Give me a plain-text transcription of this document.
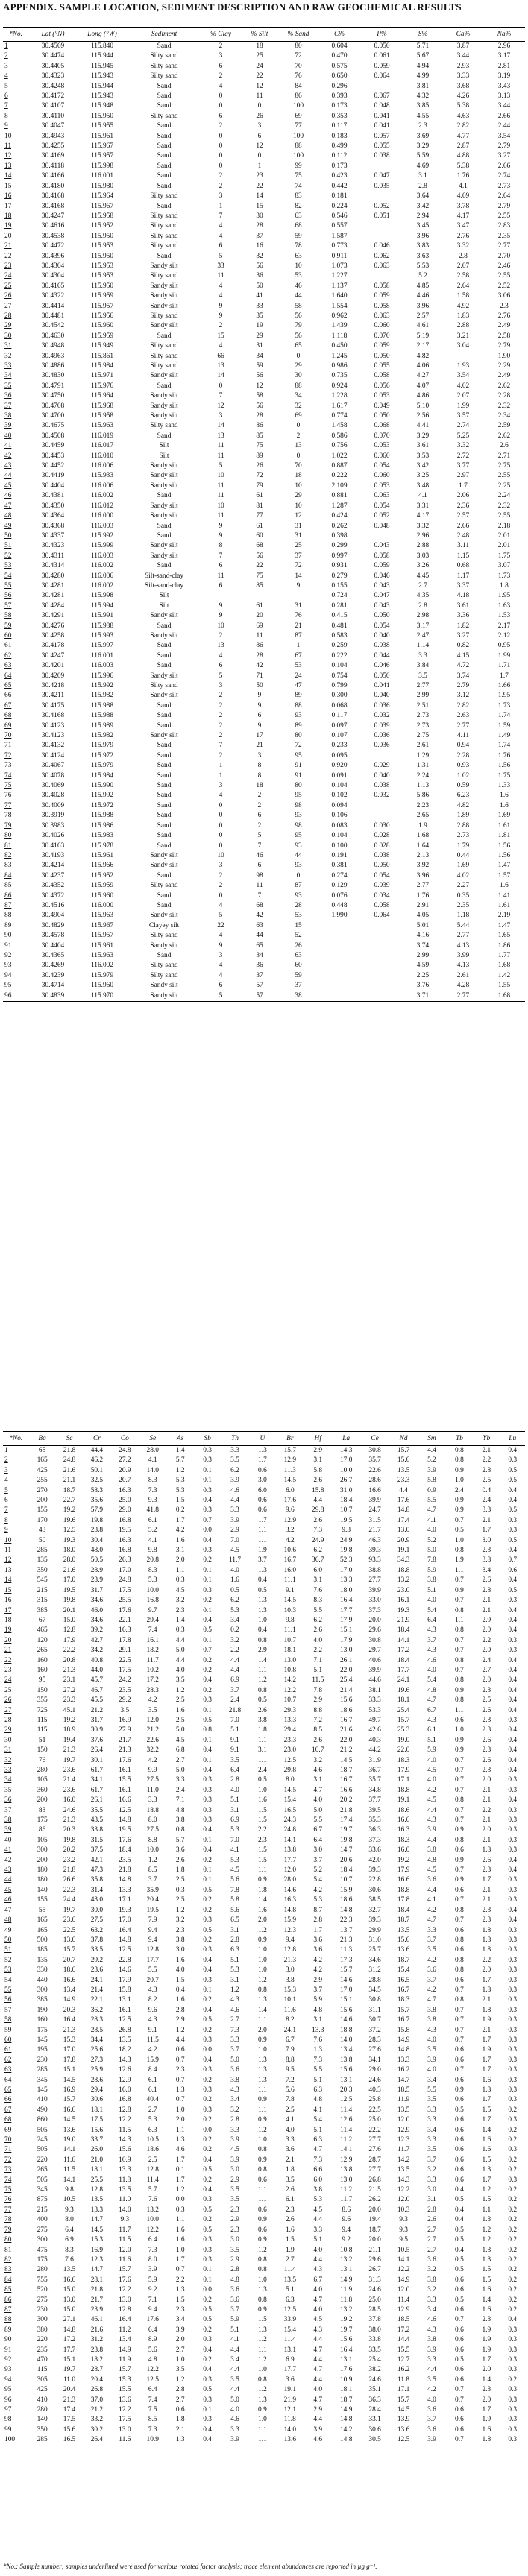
APPENDIX. SAMPLE LOCATION, SEDIMENT DESCRIPTION AND RAW GEOCHEMICAL RESULTS
*No.	Lat (°N)	Long (°W)	Sediment	% Clay	% Silt	% Sand	C%	P%	S%	Ca%	Na%
1	30.4569	115.840	Sand	2	18	80	0.604	0.050	5.71	3.87	2.96
2	30.4474	115.944	Silty sand	3	25	72	0.470	0.061	5.67	3.44	3.17
3	30.4405	115.945	Silty sand	6	24	70	0.575	0.059	4.94	2.93	2.81
4	30.4323	115.943	Silty sand	2	22	76	0.650	0.064	4.99	3.33	3.19
5	30.4248	115.944	Sand	4	12	84	0.296		3.81	3.68	3.43
6	30.4172	115.943	Sand	0	11	86	0.393	0.067	4.32	4.26	3.13
7	30.4107	115.948	Sand	0	0	100	0.173	0.048	3.85	5.38	3.44
8	30.4110	115.950	Silty sand	6	26	69	0.353	0.041	4.55	4.63	2.66
9	30.4047	115.955	Sand	2	3	77	0.117	0.041	2.3	2.82	2.44
10	30.4943	115.961	Sand	0	6	100	0.183	0.057	3.69	4.77	3.54
11	30.4255	115.967	Sand	0	12	88	0.499	0.055	3.29	2.87	2.79
12	30.4169	115.957	Sand	0	0	100	0.112	0.038	5.59	4.88	3.27
13	30.4118	115.998	Sand	0	1	99	0.173		4.69	5.38	2.66
14	30.4166	116.001	Sand	2	23	75	0.423	0.047	3.1	1.76	2.74
15	30.4180	115.980	Sand	2	22	74	0.442	0.035	2.8	4.1	2.73
16	30.4168	115.964	Silty sand	3	14	83	0.181		3.64	4.69	2.64
17	30.4168	115.967	Sand	1	15	82	0.224	0.052	3.42	3.78	2.79
18	30.4247	115.958	Silty sand	7	30	63	0.546	0.051	2.94	4.17	2.55
19	30.4616	115.952	Silty sand	4	28	68	0.557		3.45	3.47	2.83
20	30.4538	115.950	Silty sand	4	37	59	1.587		3.96	2.76	2.35
21	30.4472	115.953	Silty sand	6	16	78	0.773	0.046	3.83	3.32	2.77
22	30.4396	115.950	Sand	5	32	63	0.911	0.062	3.63	2.8	2.70
23	30.4304	115.953	Sandy silt	33	56	10	1.073	0.063	5.53	2.07	2.46
24	30.4304	115.953	Silty sand	11	36	53	1.227		5.2	2.58	2.55
25	30.4165	115.950	Sandy silt	4	50	46	1.137	0.058	4.85	2.64	2.52
26	30.4322	115.959	Sandy silt	4	41	44	1.640	0.059	4.46	1.58	3.06
27	30.4414	115.957	Sandy silt	9	33	58	1.554	0.058	3.96	4.92	2.3
28	30.4481	115.956	Silty sand	9	35	56	0.962	0.063	2.57	1.83	2.76
29	30.4542	115.960	Sandy silt	2	19	79	1.439	0.060	4.61	2.88	2.49
30	30.4630	115.959	Sand	15	29	56	1.118	0.070	5.19	3.21	2.58
31	30.4948	115.949	Silty sand	4	31	65	0.450	0.059	2.17	3.04	2.79
32	30.4963	115.861	Silty sand	66	34	0	1.245	0.050	4.82		1.90
33	30.4886	115.984	Silty sand	13	59	29	0.986	0.055	4.06	1.93	2.29
34	30.4830	115.971	Sandy silt	14	56	30	0.735	0.058	4.27	3.54	2.49
35	30.4791	115.976	Sand	0	12	88	0.924	0.056	4.07	4.02	2.62
36	30.4750	115.964	Sandy silt	7	58	34	1.228	0.053	4.86	2.07	2.28
37	30.4708	115.968	Sandy silt	12	56	32	1.617	0.049	5.10	1.99	2.32
38	30.4700	115.958	Sandy silt	3	28	69	0.774	0.050	2.56	3.57	2.34
39	30.4675	115.963	Silty sand	14	86	0	1.458	0.068	4.41	2.74	2.59
40	30.4508	116.019	Sand	13	85	2	0.586	0.070	3.29	5.25	2.62
41	30.4459	116.017	Silt	11	75	13	0.756	0.053	3.61	3.32	2.6
42	30.4453	116.010	Silt	11	89	0	1.022	0.060	3.53	2.72	2.71
43	30.4452	116.006	Sandy silt	5	26	70	0.887	0.054	3.42	3.77	2.75
44	30.4419	115.933	Sandy silt	10	72	18	0.222	0.060	3.25	2.97	2.55
45	30.4404	116.006	Sandy silt	11	79	10	2.109	0.053	3.48	1.7	2.25
46	30.4381	116.002	Sand	11	61	29	0.881	0.063	4.1	2.06	2.24
47	30.4350	116.012	Sandy silt	10	81	10	1.287	0.054	3.31	2.36	2.32
48	30.4364	116.000	Sandy silt	11	77	12	0.424	0.052	4.17	2.57	2.55
49	30.4368	116.003	Sand	9	61	31	0.262	0.048	3.32	2.66	2.18
50	30.4337	115.992	Sand	9	60	31	0.398		2.96	2.48	2.01
51	30.4323	115.999	Sandy silt	8	68	25	0.299	0.043	2.88	3.11	2.01
52	30.4311	116.003	Sandy silt	7	56	37	0.997	0.058	3.03	1.15	1.75
53	30.4314	116.002	Sand	6	22	72	0.931	0.059	3.26	0.68	3.07
54	30.4280	116.006	Silt-sand-clay	11	75	14	0.279	0.046	4.45	1.17	1.73
55	30.4281	116.002	Silt-sand-clay	6	85	9	0.155	0.043	2.7	3.37	1.8
56	30.4281	115.998	Silt				0.724	0.047	4.35	4.18	1.95
57	30.4284	115.994	Silt	9	61	31	0.281	0.043	2.8	3.61	1.63
58	30.4291	115.991	Sandy silt	9	20	76	0.415	0.050	2.98	3.36	1.53
59	30.4276	115.988	Sand	10	69	21	0.481	0.054	3.17	1.82	2.17
60	30.4258	115.993	Sandy silt	2	11	87	0.583	0.040	2.47	3.27	2.12
61	30.4178	115.997	Sand	13	86	1	0.259	0.038	1.14	0.82	0.95
62	30.4247	116.001	Sand	4	28	67	0.222	0.044	3.3	4.15	1.99
63	30.4201	116.003	Sand	6	42	53	0.104	0.046	3.84	4.72	1.71
64	30.4209	115.996	Sandy silt	5	71	24	0.754	0.050	3.5	3.74	1.7
65	30.4218	115.992	Silty sand	3	50	47	0.799	0.041	2.77	2.79	1.66
66	30.4211	115.982	Sandy silt	2	9	89	0.300	0.040	2.99	3.12	1.95
67	30.4175	115.988	Sand	2	9	88	0.068	0.036	2.51	2.82	1.73
68	30.4168	115.988	Sand	2	6	93	0.117	0.032	2.73	2.63	1.74
69	30.4123	115.989	Sand	2	9	89	0.097	0.039	2.73	2.77	1.59
70	30.4123	115.982	Sandy silt	2	17	80	0.107	0.036	2.75	4.11	1.49
71	30.4132	115.979	Sand	7	21	72	0.233	0.036	2.61	0.94	1.74
72	30.4124	115.972	Sand	2	3	95	0.095		1.29	2.28	1.76
73	30.4067	115.979	Sand	1	8	91	0.920	0.029	1.31	0.93	1.56
74	30.4078	115.984	Sand	1	8	91	0.091	0.040	2.24	1.02	1.75
75	30.4069	115.990	Sand	3	18	80	0.104	0.038	1.13	0.59	1.33
76	30.4028	115.992	Sand	4	2	95	0.102	0.032	5.86	6.23	1.6
77	30.4009	115.972	Sand	0	2	98	0.094		2.23	4.82	1.6
78	30.3919	115.988	Sand	0	6	93	0.106		2.65	1.89	1.69
79	30.3983	115.986	Sand	0	2	98	0.083	0.030	1.9	2.88	1.61
80	30.4026	115.983	Sand	0	5	95	0.104	0.028	1.68	2.73	1.81
81	30.4163	115.978	Sand	0	7	93	0.100	0.028	1.64	1.79	1.56
82	30.4193	115.961	Sandy silt	10	46	44	0.191	0.038	2.13	0.44	1.56
83	30.4214	115.966	Sandy silt	3	6	93	0.381	0.050	3.92	1.69	1.47
84	30.4237	115.952	Sand	2	98	0	0.274	0.054	3.96	4.02	1.57
85	30.4352	115.959	Silty sand	2	11	87	0.129	0.039	2.77	2.27	1.6
86	30.4372	115.960	Sand	0	7	93	0.076	0.034	1.76	0.35	1.41
87	30.4516	116.000	Sand	4	68	28	0.448	0.058	2.91	2.35	1.61
88	30.4904	115.963	Sandy silt	5	42	53	1.990	0.064	4.05	1.18	2.19
89	30.4829	115.967	Clayey silt	22	63	15			5.01	5.44	1.47
90	30.4578	115.957	Silty sand	4	44	52			4.16	2.77	1.65
91	30.4404	115.961	Sandy silt	9	65	26			3.74	4.13	1.86
92	30.4365	115.963	Sand	3	34	63			2.99	3.99	1.77
93	30.4269	116.002	Silty sand	4	36	60			4.59	4.13	1.68
94	30.4239	115.979	Silty sand	4	37	59			2.25	2.61	1.42
95	30.4714	115.960	Sandy silt	6	57	37			3.76	4.28	1.55
96	30.4839	115.970	Sandy silt	5	57	38			3.71	2.77	1.68
*No.	Ba	Sc	Cr	Co	Se	As	Sb	Th	U	Br	Hf	La	Ce	Nd	Sm	Tb	Yb	Lu
1	65	21.8	44.4	24.8	28.0	1.4	0.3	3.3	1.3	15.7	2.9	14.3	30.8	15.7	4.4	0.8	2.1	0.4
2	165	24.8	46.2	27.2	4.1	5.7	0.3	3.5	1.7	12.9	3.1	17.0	35.7	15.6	5.2	0.8	2.2	0.3
3	425	21.6	50.1	20.9	14.0	1.2	0.1	6.2	0.6	11.3	5.8	10.0	22.6	13.5	3.9	0.9	2.8	0.5
4	255	21.1	32.5	20.7	8.3	5.3	0.1	3.9	3.0	14.5	2.6	26.7	28.6	23.3	5.8	1.0	2.5	0.5
5	270	18.7	58.3	16.3	7.3	5.3	0.3	4.6	6.0	6.0	15.8	31.0	16.6	4.4	0.9	2.4	0.4	0.4
6	200	22.7	35.6	25.0	9.3	1.5	0.4	4.4	0.6	17.6	4.4	18.4	39.9	17.6	5.5	0.9	2.4	0.4
7	155	19.2	57.9	29.0	41.8	0.2	0.3	3.3	0.6	9.6	29.8	10.7	24.7	14.8	4.7	0.9	3.3	0.5
8	170	19.6	19.8	16.8	6.1	1.7	0.7	3.9	1.7	12.9	2.6	19.5	31.5	17.4	4.1	0.7	2.1	0.3
9	43	12.5	23.8	19.5	5.2	4.2	0.0	2.9	1.1	3.2	7.3	9.3	21.7	13.0	4.0	0.5	1.7	0.3
10	50	19.3	30.4	16.3	4.1	1.6	0.4	7.0	1.1	4.2	24.9	24.9	46.3	20.9	5.2	1.0	3.0	0.5
11	285	18.0	48.0	16.8	9.8	3.1	0.3	4.5	1.9	10.6	6.2	19.8	39.3	19.1	5.0	0.8	2.3	0.4
12	135	28.0	50.5	26.3	20.8	2.0	0.2	11.7	3.7	16.7	36.7	52.3	93.3	34.3	7.8	1.9	3.8	0.7
13	350	21.6	28.9	17.0	8.3	1.1	0.1	4.0	1.3	16.0	6.0	17.0	38.8	18.8	5.9	1.1	3.4	0.6
14	545	17.0	23.9	24.8	5.3	0.3	0.1	1.6	0.4	11.1	3.1	13.3	27.7	13.2	3.8	0.7	2.6	0.4
15	215	19.5	31.7	17.5	10.0	4.5	0.3	0.5	0.5	9.1	7.6	18.0	39.9	23.0	5.1	0.9	2.8	0.5
16	315	19.8	34.6	25.5	16.8	3.2	0.2	6.2	1.3	14.5	8.3	16.4	33.0	16.1	4.0	0.7	2.1	0.3
17	385	20.1	46.0	17.6	9.7	2.3	0.1	5.3	1.3	10.3	5.5	17.7	37.3	19.3	5.4	0.8	2.1	0.4
18	67	15.0	34.6	22.1	29.4	1.4	0.4	3.4	1.0	9.8	6.2	17.9	20.0	21.9	6.4	1.1	2.9	0.4
19	465	12.8	39.2	16.3	7.4	0.3	0.5	0.2	0.4	11.1	2.6	15.1	29.6	18.4	4.3	0.8	2.0	0.4
20	120	17.9	42.7	17.8	16.1	4.4	0.1	3.2	0.8	10.7	4.0	17.9	30.8	14.1	3.7	0.7	2.2	0.3
21	265	22.2	34.2	29.1	18.2	5.0	0.7	2.2	2.9	18.1	2.2	13.0	29.7	17.2	4.3	0.7	2.0	0.3
22	160	20.8	40.8	22.5	11.7	4.4	0.2	4.4	1.4	13.0	7.1	26.1	40.6	18.4	4.6	0.8	2.4	0.4
23	160	21.3	44.0	17.5	10.2	4.0	0.2	4.4	1.1	10.8	5.1	22.0	39.9	17.7	4.0	0.7	2.7	0.4
24	95	23.1	45.7	24.2	17.2	3.5	0.4	6.9	1.2	14.2	11.5	25.4	44.6	24.1	5.4	0.8	2.0	0.4
25	150	27.2	46.7	23.5	28.3	1.2	0.2	3.7	0.8	12.2	7.8	21.4	38.1	19.6	4.8	0.9	2.3	0.4
26	355	23.3	45.5	29.2	4.2	2.5	0.3	2.4	0.5	10.7	2.9	15.6	33.3	18.1	4.7	0.8	2.5	0.4
27	725	45.1	21.2	3.5	3.5	1.6	0.1	21.8	2.6	29.3	8.8	18.6	53.3	25.4	6.7	1.1	2.6	0.4
28	115	19.2	31.7	16.9	12.0	2.5	0.5	7.0	3.8	13.3	7.2	16.7	49.7	15.7	4.3	0.6	2.3	0.3
29	115	18.9	30.9	27.9	21.2	5.0	0.8	5.1	1.8	29.4	8.5	21.6	42.6	25.3	6.1	1.0	2.3	0.4
30	51	19.4	37.6	21.7	22.6	4.5	0.1	9.1	1.1	23.3	2.6	22.0	40.3	19.0	5.1	0.9	2.6	0.4
31	150	21.3	26.4	21.3	32.2	6.8	0.4	9.1	3.1	23.0	10.7	21.2	44.2	22.0	5.9	0.9	2.3	0.4
32	76	19.7	30.1	17.6	4.2	2.7	0.1	3.5	1.1	12.5	3.2	14.5	31.9	18.3	4.0	0.7	2.6	0.4
33	280	23.6	61.7	16.1	9.9	5.0	0.4	6.4	2.4	29.8	4.6	18.7	36.7	17.9	4.5	0.7	2.3	0.4
34	105	21.4	34.1	15.5	27.5	3.3	0.3	2.8	0.5	8.0	3.1	16.7	35.7	17.1	4.0	0.7	2.0	0.3
35	360	23.6	61.7	16.1	11.0	2.4	0.3	4.0	1.0	14.5	4.7	16.6	34.8	18.8	4.2	0.7	2.1	0.3
36	200	16.0	26.1	16.6	3.3	7.1	0.3	5.1	1.6	15.4	4.0	20.2	37.7	19.1	4.5	0.8	2.1	0.4
37	83	24.6	35.5	12.5	18.8	4.8	0.3	3.1	1.5	16.5	5.0	21.8	39.5	18.6	4.4	0.7	2.2	0.3
38	175	21.3	43.5	14.8	8.0	3.8	0.3	6.9	1.5	24.3	5.5	17.4	35.3	16.6	4.3	0.7	2.1	0.3
39	86	20.3	33.8	19.5	27.5	0.8	0.4	5.3	2.2	24.8	6.7	19.7	36.3	16.3	3.9	0.9	2.0	0.3
40	105	19.8	31.5	17.6	8.8	5.7	0.1	7.0	2.3	14.1	6.4	19.8	37.3	18.3	4.4	0.8	2.1	0.3
41	300	20.2	37.5	18.4	10.0	3.6	0.4	4.1	1.5	13.8	3.0	14.7	33.6	16.0	3.8	0.6	1.8	0.3
42	200	23.2	42.1	23.5	1.2	2.6	0.2	5.3	1.5	17.7	3.7	20.6	42.0	19.2	4.8	0.9	2.6	0.4
43	180	21.8	47.3	21.8	8.5	1.8	0.1	4.5	1.1	12.0	5.2	18.4	39.3	17.9	4.5	0.7	2.3	0.4
44	180	26.6	35.8	14.8	3.7	2.5	0.1	5.6	0.9	28.0	5.4	10.7	22.8	16.6	3.6	0.9	1.7	0.3
45	140	22.3	31.4	13.3	35.9	0.3	0.5	7.8	1.8	14.6	4.2	15.9	30.6	18.8	4.4	0.6	2.1	0.3
46	155	24.4	43.0	17.1	20.4	2.5	0.2	5.8	1.4	16.3	5.3	18.6	38.5	17.8	4.1	0.7	2.1	0.3
47	55	19.7	30.0	19.3	19.5	1.2	0.2	5.6	1.6	14.8	8.7	14.8	32.7	18.4	4.2	0.8	2.3	0.4
48	165	23.6	27.5	17.0	7.9	3.2	0.3	6.5	2.0	15.9	2.8	22.3	39.3	18.7	4.7	0.7	2.3	0.4
49	165	22.5	63.2	16.4	9.4	2.3	0.5	3.1	1.2	12.3	1.7	13.7	29.9	13.5	3.3	0.6	1.8	0.3
50	500	13.6	37.8	14.8	9.4	3.8	0.2	2.8	0.9	9.4	3.6	21.3	31.0	15.6	3.7	0.8	1.8	0.3
51	185	15.7	33.5	12.5	12.8	3.0	0.3	6.3	1.0	12.8	3.6	11.3	25.7	13.6	3.5	0.6	1.8	0.3
52	135	20.7	29.2	22.8	17.7	1.6	0.4	5.1	1.0	21.3	4.2	17.3	34.6	18.7	4.2	0.8	2.2	0.3
53	330	18.6	23.6	14.6	5.5	4.0	0.4	5.3	1.0	3.0	4.2	15.7	31.2	15.4	3.6	0.8	2.0	0.3
54	440	16.6	24.1	17.9	20.7	1.5	0.3	3.1	1.2	3.8	2.9	14.6	28.8	16.5	3.7	0.6	1.7	0.3
55	300	13.4	21.4	15.8	4.3	0.4	0.1	1.2	0.8	15.3	3.7	17.0	34.5	16.7	4.2	0.7	1.8	0.3
56	385	14.9	22.1	13.1	8.2	1.6	0.2	4.3	1.3	10.1	5.9	15.1	30.8	18.3	4.7	0.8	2.1	0.3
57	190	20.3	36.2	16.1	9.6	2.8	0.4	4.6	1.4	11.6	4.8	15.6	31.1	15.7	3.8	0.7	1.8	0.3
58	160	16.4	28.3	12.5	4.3	2.9	0.5	2.7	1.1	8.2	3.1	14.6	30.7	16.7	3.8	0.7	1.9	0.3
59	175	21.3	28.5	26.8	9.1	1.2	0.2	7.3	2.0	24.1	13.3	18.8	37.2	15.8	4.3	0.7	2.1	0.3
60	145	15.3	34.4	13.5	11.5	4.4	0.3	3.3	0.9	6.7	7.6	14.0	28.3	14.9	4.0	0.7	1.7	0.3
61	195	17.0	25.6	18.2	4.2	0.6	0.0	3.7	1.0	7.9	1.3	13.4	27.6	14.8	3.5	0.6	1.9	0.3
62	230	17.8	27.3	14.3	15.9	0.7	0.4	5.0	1.3	8.8	7.3	13.8	34.1	13.3	3.9	0.6	1.7	0.3
63	285	15.1	25.9	12.6	8.4	2.3	0.3	3.6	1.3	9.5	5.5	15.6	29.0	16.2	4.0	0.7	1.7	0.3
64	345	14.5	28.6	12.9	6.1	0.7	0.2	3.8	1.3	7.2	5.1	13.1	24.6	14.7	3.4	0.6	1.6	0.3
65	145	16.9	29.4	16.0	6.1	1.3	0.3	4.3	1.1	5.6	6.3	20.3	40.3	18.5	5.5	0.9	1.8	0.3
66	410	15.7	30.6	16.8	40.4	0.7	0.2	3.4	0.9	7.8	4.8	12.5	25.8	11.9	3.5	0.6	1.7	0.3
67	490	16.6	18.1	12.8	2.7	1.0	0.3	3.2	1.1	2.5	4.1	11.4	22.5	13.5	3.3	0.5	1.5	0.2
68	860	14.5	17.5	12.2	5.3	2.0	0.2	2.8	0.9	4.1	5.4	12.6	25.0	12.0	3.3	0.6	1.7	0.3
69	505	13.6	15.6	11.5	6.3	1.1	0.0	3.3	1.2	4.0	5.1	11.4	22.2	12.9	3.4	0.6	1.4	0.2
70	245	19.0	33.7	14.3	10.5	1.3	0.2	3.9	1.0	3.3	6.3	11.2	27.7	12.3	3.3	0.6	1.6	0.2
71	505	14.1	26.0	15.6	18.6	4.6	0.2	4.5	0.8	3.6	4.7	14.1	27.6	11.7	3.5	0.6	1.6	0.3
72	220	11.6	21.0	10.9	2.5	1.7	0.4	3.9	0.9	2.1	7.3	12.9	28.7	14.2	3.7	0.6	1.5	0.2
73	265	11.5	18.1	13.3	12.8	0.1	0.5	3.0	0.8	1.8	6.6	13.8	27.7	13.5	3.2	0.6	1.3	0.2
74	505	14.1	25.5	11.8	11.4	1.7	0.2	2.9	0.6	3.5	6.0	13.0	26.8	14.3	3.3	0.6	1.7	0.3
75	345	9.8	12.8	13.5	5.7	1.2	0.4	3.5	1.1	2.6	3.8	11.2	21.5	12.2	3.0	0.4	1.2	0.2
76	875	10.5	13.5	11.0	7.6	0.0	0.3	3.5	1.1	6.1	5.3	11.7	26.2	12.0	3.1	0.5	1.5	0.2
77	215	9.3	13.3	14.0	13.2	0.3	0.5	2.3	0.6	2.3	4.5	8.6	20.0	10.3	2.8	0.4	1.1	0.2
78	400	8.0	14.7	9.3	10.0	1.1	0.2	2.9	0.9	2.6	4.4	9.6	19.4	9.3	2.6	0.4	1.3	0.2
79	275	6.4	14.5	11.7	12.2	1.6	0.5	2.3	0.6	1.6	3.3	9.4	18.7	9.3	2.7	0.5	1.2	0.2
80	300	6.9	15.3	11.5	6.4	1.6	0.3	3.0	0.9	1.5	5.1	9.2	20.0	9.5	2.7	0.5	1.2	0.2
81	475	8.3	16.9	12.0	7.3	1.0	0.3	3.5	1.2	1.9	4.0	10.8	21.1	10.5	2.7	0.4	1.3	0.2
82	175	7.6	12.3	11.6	8.0	1.7	0.3	2.9	0.8	2.7	4.4	13.2	29.6	14.1	3.6	0.5	1.3	0.2
83	280	13.5	14.7	15.7	3.9	0.7	0.1	2.8	0.8	11.4	4.3	13.1	26.7	12.2	3.2	0.5	1.5	0.2
84	755	16.6	28.1	17.6	5.9	2.2	0.1	4.8	1.0	13.5	6.7	14.9	31.3	14.9	3.8	0.6	1.5	0.2
85	520	15.0	21.8	12.2	9.2	1.3	0.0	3.6	1.3	5.1	4.0	11.9	24.6	12.0	3.2	0.6	1.6	0.2
86	275	13.0	21.7	13.0	7.1	1.5	0.2	3.6	0.8	6.3	4.7	11.8	25.0	11.4	3.3	0.5	1.4	0.2
87	230	15.0	23.9	12.8	9.4	2.3	0.5	3.7	0.9	12.5	4.0	13.2	28.5	12.9	3.4	0.6	1.6	0.2
88	300	27.1	46.1	16.4	17.6	3.4	0.5	5.9	1.5	33.9	4.5	19.2	37.8	18.5	4.6	0.7	2.3	0.4
89	380	14.8	21.6	11.2	6.4	3.9	0.2	5.1	1.3	15.4	4.3	19.7	38.0	17.2	4.3	0.6	1.9	0.3
90	220	17.2	31.2	13.4	8.9	2.0	0.3	4.1	1.2	11.4	4.4	15.6	33.8	14.4	3.8	0.6	1.9	0.3
91	235	17.7	23.8	14.9	5.6	2.7	0.4	4.4	1.1	13.1	4.7	16.4	33.5	15.5	3.9	0.6	1.9	0.3
92	470	15.1	18.2	11.9	4.8	1.0	0.2	3.4	1.2	6.9	4.4	13.1	25.4	12.7	3.3	0.5	1.7	0.3
93	115	19.7	28.7	15.7	12.2	3.5	0.4	4.4	1.0	17.7	4.7	17.6	38.2	16.2	4.4	0.6	2.0	0.3
94	305	11.0	20.4	15.3	12.5	1.2	0.3	3.5	0.8	3.6	4.4	10.9	24.6	11.8	3.5	0.6	1.4	0.2
95	425	20.4	26.8	15.5	6.4	2.8	0.5	4.4	1.2	19.1	4.0	18.1	35.1	17.1	4.2	0.7	2.3	0.3
96	410	21.3	37.0	13.6	7.4	2.7	0.3	5.0	1.3	21.9	4.7	18.7	36.3	15.7	4.0	0.7	2.0	0.3
97	280	17.4	21.2	12.2	7.5	0.6	0.1	4.0	0.9	12.1	2.9	14.9	28.4	14.5	3.6	0.6	1.7	0.3
98	140	17.5	33.2	17.5	8.5	1.8	0.3	4.6	1.0	11.8	4.4	14.8	33.1	13.9	3.7	0.6	1.9	0.3
99	350	15.6	30.2	13.0	7.3	2.1	0.4	3.3	1.1	14.0	3.9	14.2	30.6	13.6	3.6	0.6	1.6	0.3
100	285	16.5	26.4	11.6	10.9	1.3	0.4	3.9	1.1	13.6	4.6	14.8	30.5	12.5	3.9	0.7	1.8	0.3
*No.: Sample number; samples underlined were used for various rotated factor analysis; trace element abundances are reported in µg g⁻¹.
